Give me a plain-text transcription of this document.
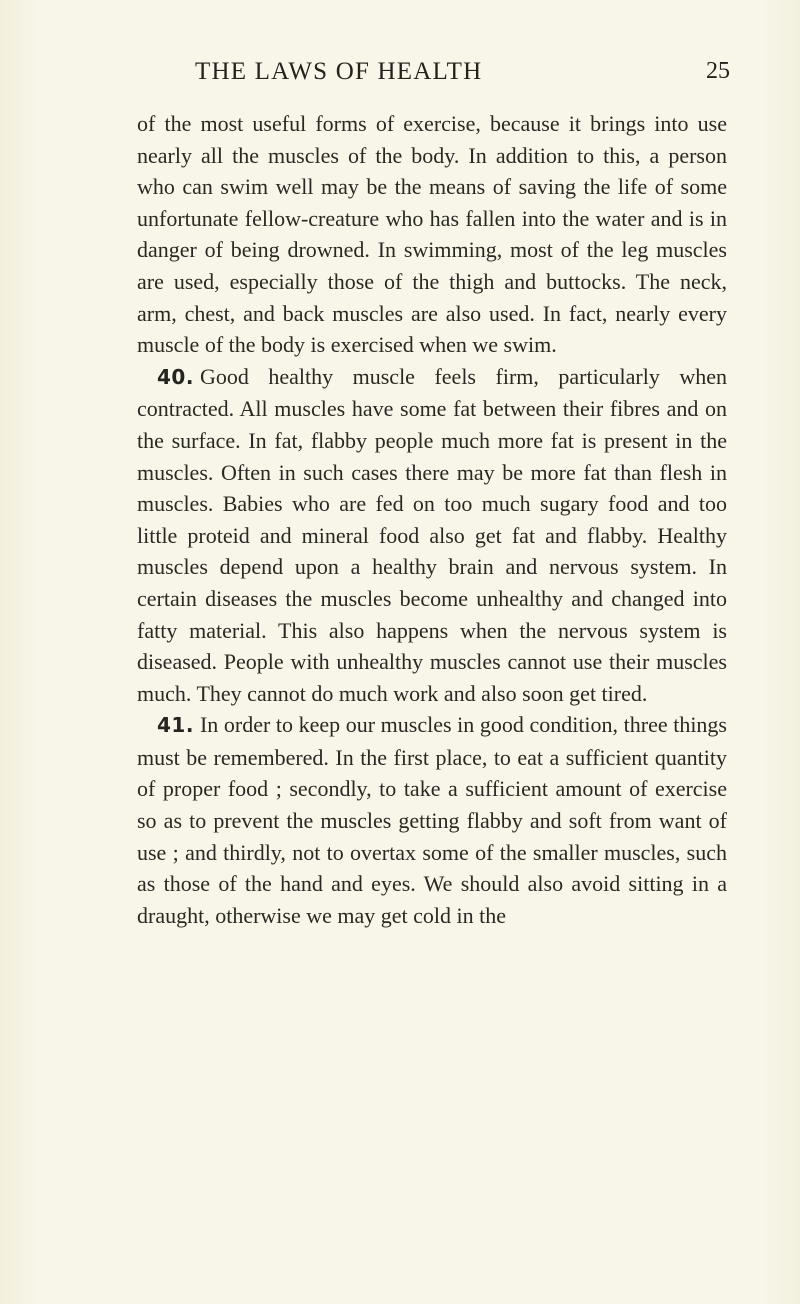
THE LAWS OF HEALTH	25

of the most useful forms of exercise, because it brings into use nearly all the muscles of the body. In addition to this, a person who can swim well may be the means of saving the life of some unfortunate fellow-creature who has fallen into the water and is in danger of being drowned. In swimming, most of the leg muscles are used, especially those of the thigh and buttocks. The neck, arm, chest, and back muscles are also used. In fact, nearly every muscle of the body is exercised when we swim.

40. Good healthy muscle feels firm, particularly when contracted. All muscles have some fat between their fibres and on the surface. In fat, flabby people much more fat is present in the muscles. Often in such cases there may be more fat than flesh in muscles. Babies who are fed on too much sugary food and too little proteid and mineral food also get fat and flabby. Healthy muscles depend upon a healthy brain and nervous system. In certain diseases the muscles become unhealthy and changed into fatty material. This also happens when the nervous system is diseased. People with unhealthy muscles cannot use their muscles much. They cannot do much work and also soon get tired.

41. In order to keep our muscles in good condition, three things must be remembered. In the first place, to eat a sufficient quantity of proper food ; secondly, to take a sufficient amount of exercise so as to prevent the muscles getting flabby and soft from want of use ; and thirdly, not to overtax some of the smaller muscles, such as those of the hand and eyes. We should also avoid sitting in a draught, otherwise we may get cold in the
